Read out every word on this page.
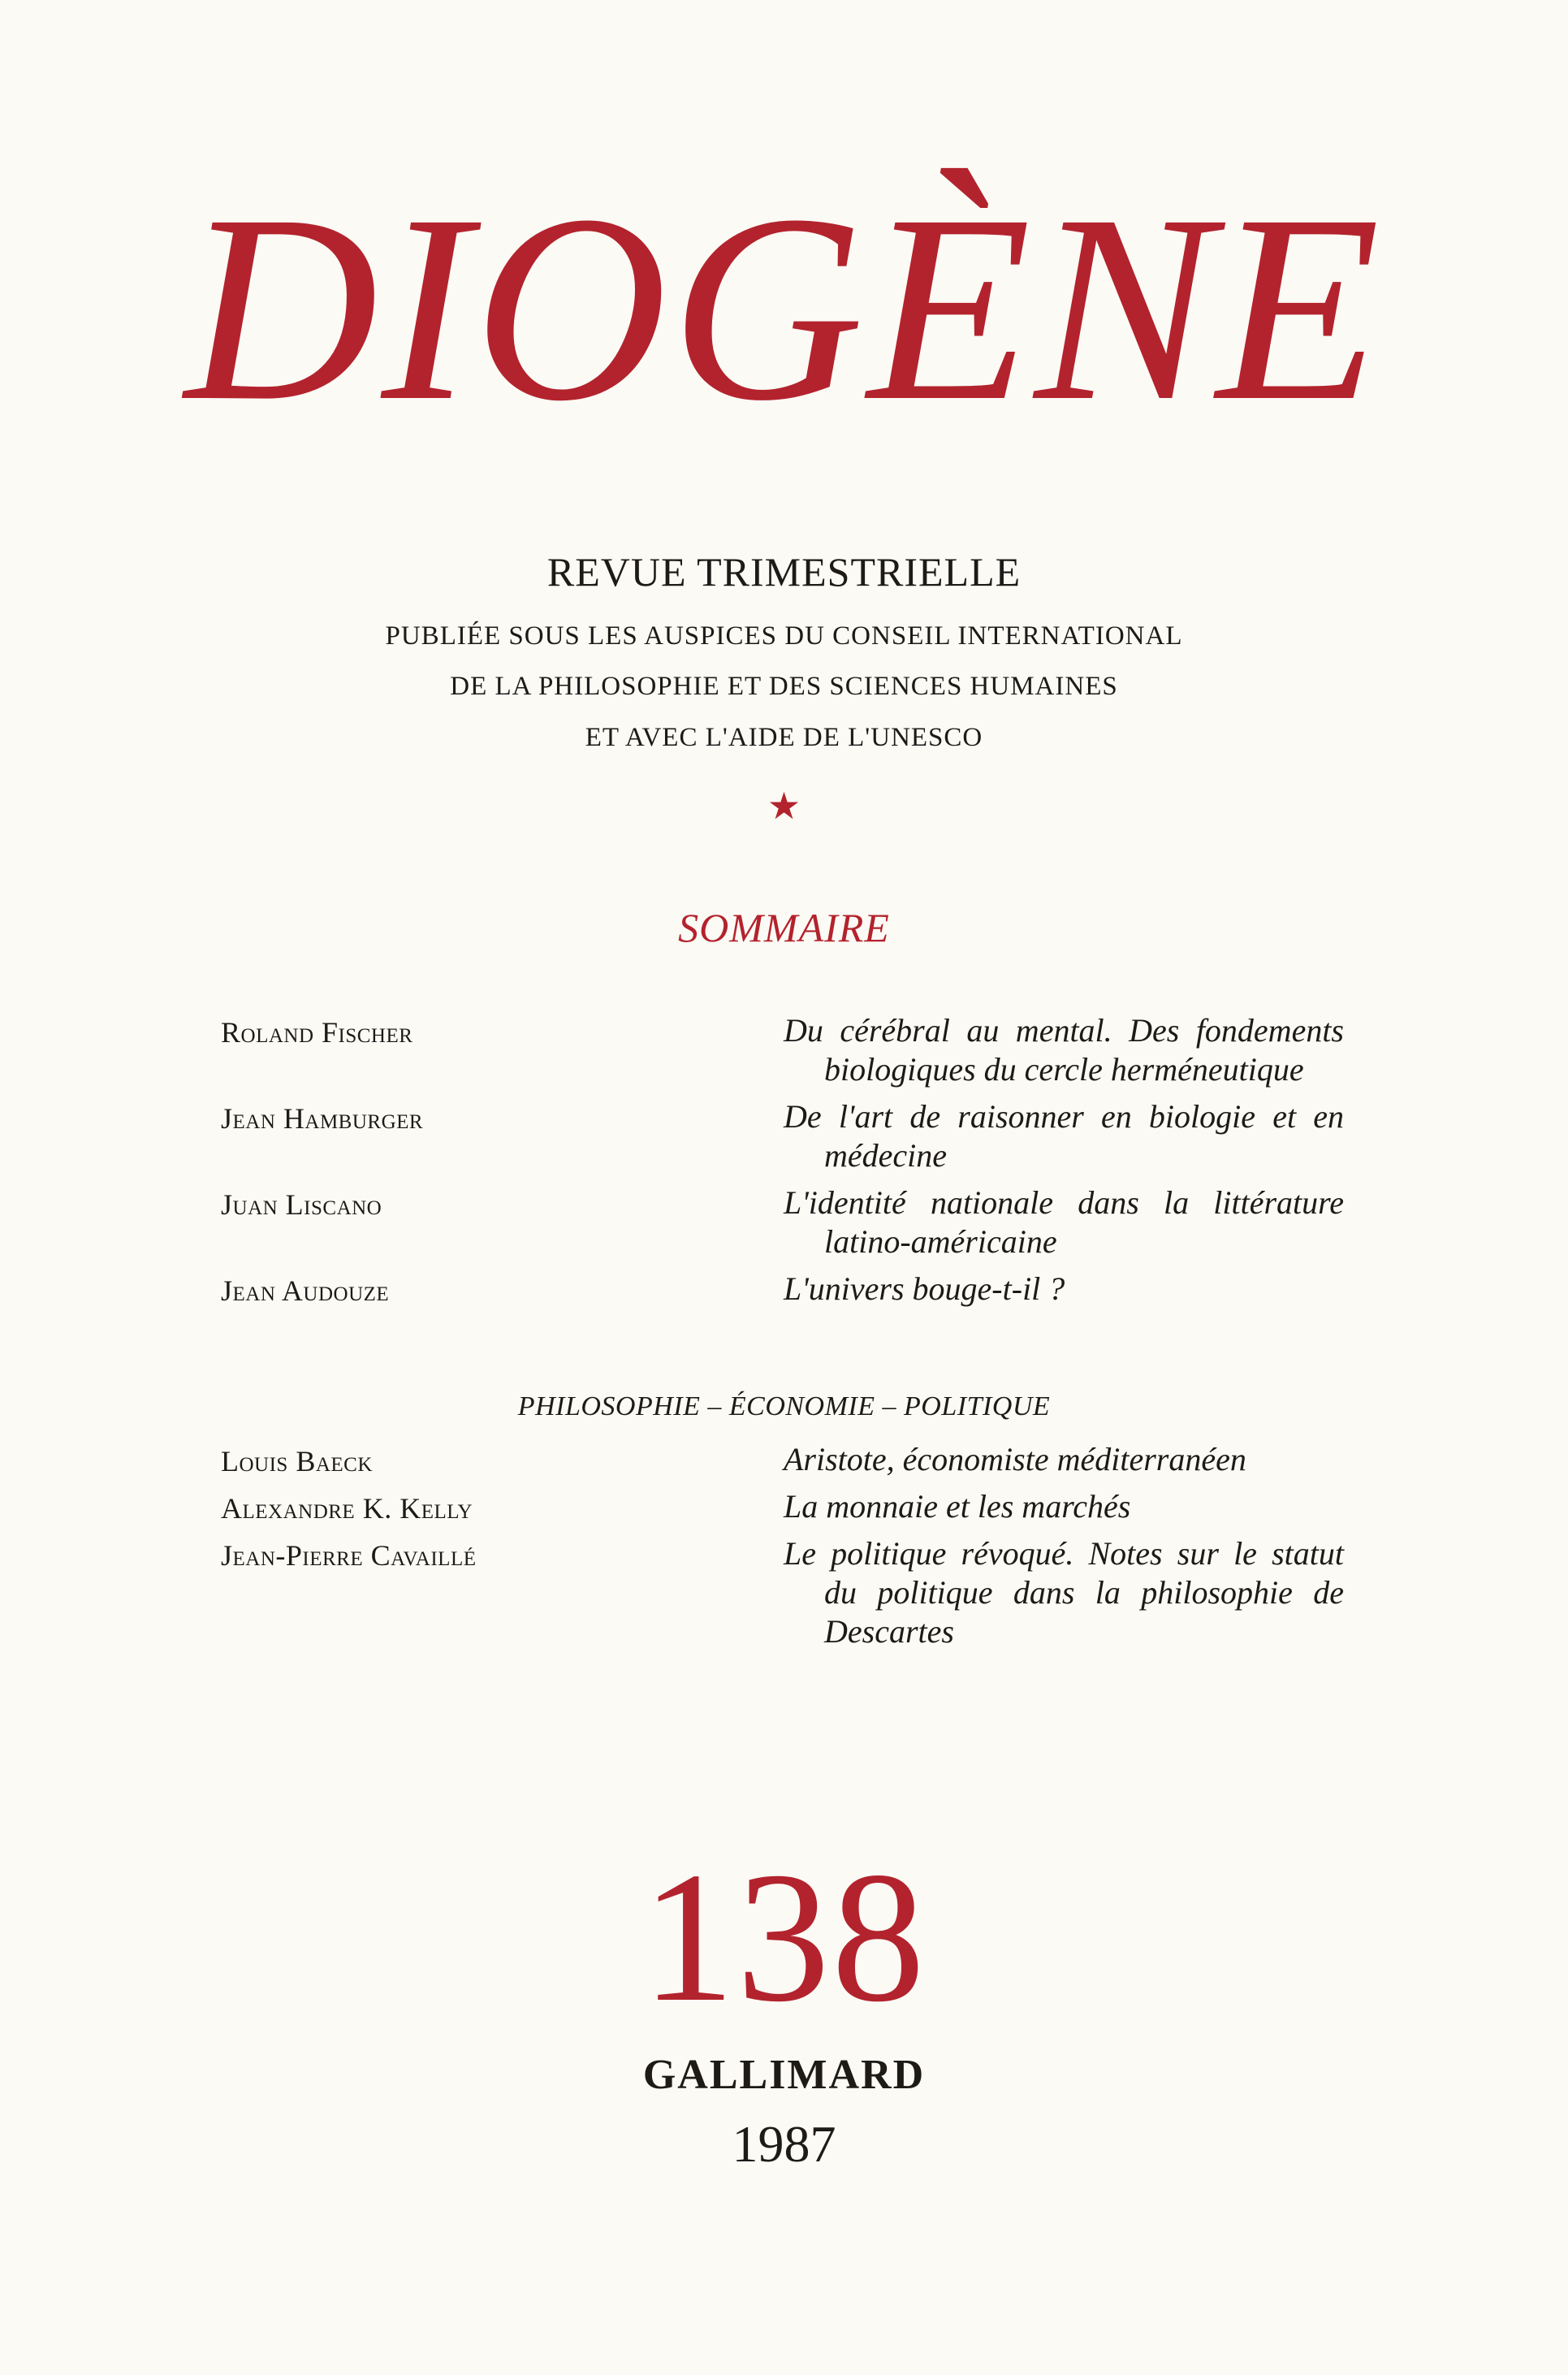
DIOGÈNE
REVUE TRIMESTRIELLE
PUBLIÉE SOUS LES AUSPICES DU CONSEIL INTERNATIONAL
DE LA PHILOSOPHIE ET DES SCIENCES HUMAINES
ET AVEC L'AIDE DE L'UNESCO
★
SOMMAIRE
Roland Fischer	Du cérébral au mental. Des fondements biologiques du cercle herméneutique
Jean Hamburger	De l'art de raisonner en biologie et en médecine
Juan Liscano	L'identité nationale dans la littérature latino-américaine
Jean Audouze	L'univers bouge-t-il ?
PHILOSOPHIE – ÉCONOMIE – POLITIQUE
Louis Baeck	Aristote, économiste méditerranéen
Alexandre K. Kelly	La monnaie et les marchés
Jean-Pierre Cavaillé	Le politique révoqué. Notes sur le statut du politique dans la philosophie de Descartes
138
GALLIMARD
1987
